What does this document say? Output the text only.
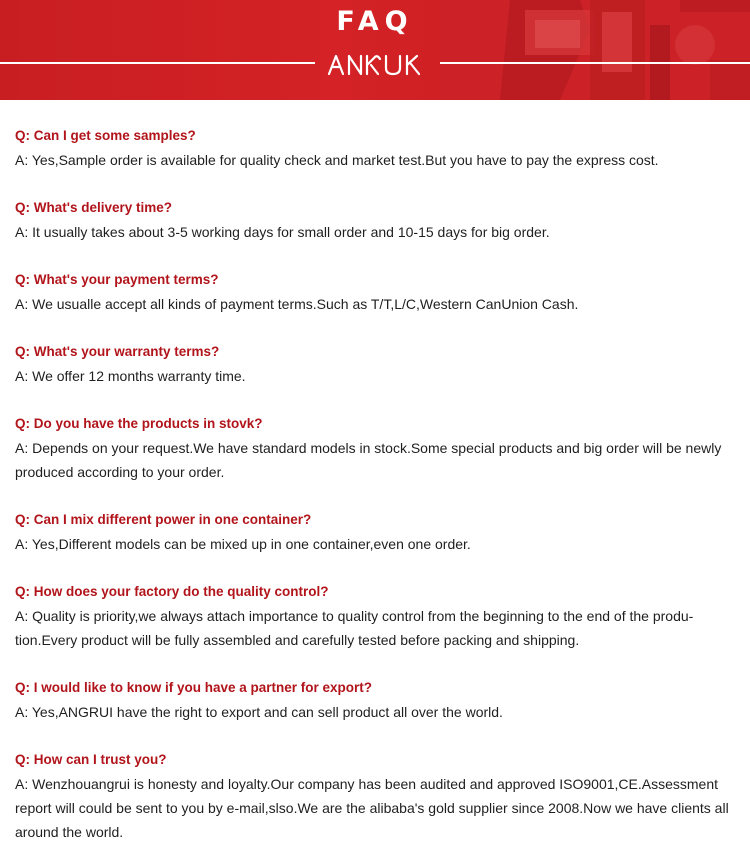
FAQ
Q: Can I get some samples?
A: Yes,Sample order is available for quality check and market test.But you have to pay the express cost.
Q: What's delivery time?
A: It usually takes about 3-5 working days for small order and 10-15 days for big order.
Q: What's your payment terms?
A: We usualle accept all kinds of payment terms.Such as T/T,L/C,Western CanUnion Cash.
Q: What's your warranty terms?
A: We offer 12 months warranty time.
Q: Do you have the products in stovk?
A: Depends on your request.We have standard models in stock.Some special products and big order will be newly produced according to your order.
Q: Can I mix different power in one container?
A: Yes,Different models can be mixed up in one container,even one order.
Q: How does your factory do the quality control?
A: Quality is priority,we always attach importance to quality control from the beginning to the end of the produ- tion.Every product will be fully assembled and carefully tested before packing and shipping.
Q: I would like to know if you have a partner for export?
A: Yes,ANGRUI have the right to export and can sell product all over the world.
Q: How can I trust you?
A: Wenzhouangrui is honesty and loyalty.Our company has been audited and approved ISO9001,CE.Assessment report will could be sent to you by e-mail,slso.We are the alibaba's gold supplier since 2008.Now we have clients all around the world.
